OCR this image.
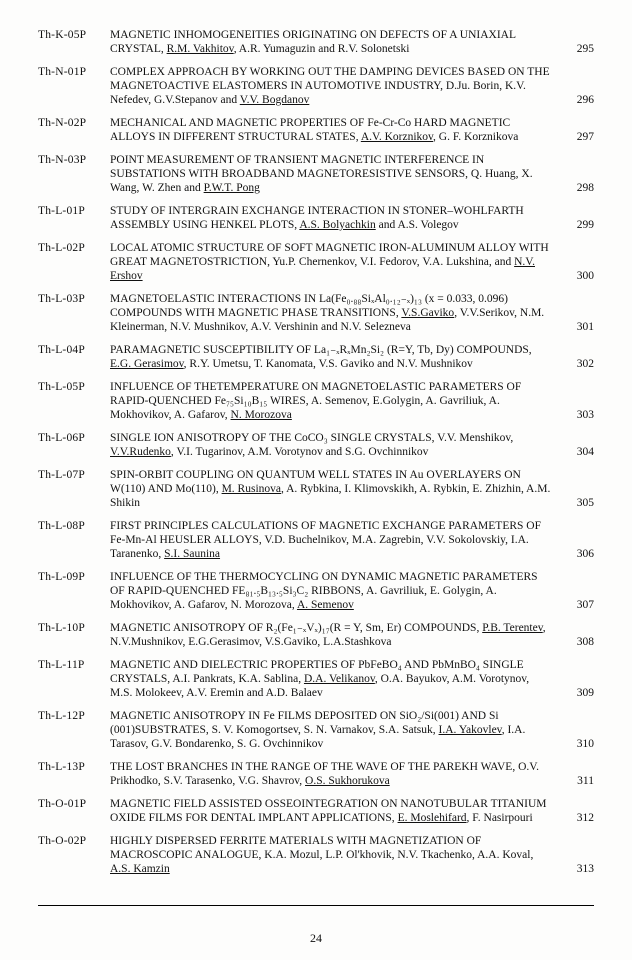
Th-K-05P	MAGNETIC INHOMOGENEITIES ORIGINATING ON DEFECTS OF A UNIAXIAL CRYSTAL, R.M. Vakhitov, A.R. Yumaguzin and R.V. Solonetski	295
Th-N-01P	COMPLEX APPROACH BY WORKING OUT THE DAMPING DEVICES BASED ON THE MAGNETOACTIVE ELASTOMERS IN AUTOMOTIVE INDUSTRY, D.Ju. Borin, K.V. Nefedev, G.V.Stepanov and V.V. Bogdanov	296
Th-N-02P	MECHANICAL AND MAGNETIC PROPERTIES OF Fe-Cr-Co HARD MAGNETIC ALLOYS IN DIFFERENT STRUCTURAL STATES, A.V. Korznikov, G. F. Korznikova	297
Th-N-03P	POINT MEASUREMENT OF TRANSIENT MAGNETIC INTERFERENCE IN SUBSTATIONS WITH BROADBAND MAGNETORESISTIVE SENSORS, Q. Huang, X. Wang, W. Zhen and P.W.T. Pong	298
Th-L-01P	STUDY OF INTERGRAIN EXCHANGE INTERACTION IN STONER–WOHLFARTH ASSEMBLY USING HENKEL PLOTS, A.S. Bolyachkin and A.S. Volegov	299
Th-L-02P	LOCAL ATOMIC STRUCTURE OF SOFT MAGNETIC IRON-ALUMINUM ALLOY WITH GREAT MAGNETOSTRICTION, Yu.P. Chernenkov, V.I. Fedorov, V.A. Lukshina, and N.V. Ershov	300
Th-L-03P	MAGNETOELASTIC INTERACTIONS IN La(Fe₀.₈₈SiₓAl₀.₁₂₋ₓ)₁₃ (x = 0.033, 0.096) COMPOUNDS WITH MAGNETIC PHASE TRANSITIONS, V.S.Gaviko, V.V.Serikov, N.M. Kleinerman, N.V. Mushnikov, A.V. Vershinin and N.V. Selezneva	301
Th-L-04P	PARAMAGNETIC SUSCEPTIBILITY OF La₁₋ₓRₓMn₂Si₂ (R=Y, Tb, Dy) COMPOUNDS, E.G. Gerasimov, R.Y. Umetsu, T. Kanomata, V.S. Gaviko and N.V. Mushnikov	302
Th-L-05P	INFLUENCE OF THETEMPERATURE ON MAGNETOELASTIC PARAMETERS OF RAPID-QUENCHED Fe₇₅Si₁₀B₁₅ WIRES, A. Semenov, E.Golygin, A. Gavriliuk, A. Mokhovikov, A. Gafarov, N. Morozova	303
Th-L-06P	SINGLE ION ANISOTROPY OF THE CoCO₃ SINGLE CRYSTALS, V.V. Menshikov, V.V.Rudenko, V.I. Tugarinov, A.M. Vorotynov and S.G. Ovchinnikov	304
Th-L-07P	SPIN-ORBIT COUPLING ON QUANTUM WELL STATES IN Au OVERLAYERS ON W(110) AND Mo(110), M. Rusinova, A. Rybkina, I. Klimovskikh, A. Rybkin, E. Zhizhin, A.M. Shikin	305
Th-L-08P	FIRST PRINCIPLES CALCULATIONS OF MAGNETIC EXCHANGE PARAMETERS OF Fe-Mn-Al HEUSLER ALLOYS, V.D. Buchelnikov, M.A. Zagrebin, V.V. Sokolovskiy, I.A. Taranenko, S.I. Saunina	306
Th-L-09P	INFLUENCE OF THE THERMOCYCLING ON DYNAMIC MAGNETIC PARAMETERS OF RAPID-QUENCHED FE₈₁.₅B₁₃.₅Si₃C₂ RIBBONS, A. Gavriliuk, E. Golygin, A. Mokhovikov, A. Gafarov, N. Morozova, A. Semenov	307
Th-L-10P	MAGNETIC ANISOTROPY OF R₂(Fe₁₋ₓVₓ)₁₇(R = Y, Sm, Er) COMPOUNDS, P.B. Terentev, N.V.Mushnikov, E.G.Gerasimov, V.S.Gaviko, L.A.Stashkova	308
Th-L-11P	MAGNETIC AND DIELECTRIC PROPERTIES OF PbFeBO₄ AND PbMnBO₄ SINGLE CRYSTALS, A.I. Pankrats, K.A. Sablina, D.A. Velikanov, O.A. Bayukov, A.M. Vorotynov, M.S. Molokeev, A.V. Eremin and A.D. Balaev	309
Th-L-12P	MAGNETIC ANISOTROPY IN Fe FILMS DEPOSITED ON SiO₂/Si(001) AND Si (001)SUBSTRATES, S. V. Komogortsev, S. N. Varnakov, S.A. Satsuk, I.A. Yakovlev, I.A. Tarasov, G.V. Bondarenko, S. G. Ovchinnikov	310
Th-L-13P	THE LOST BRANCHES IN THE RANGE OF THE WAVE OF THE PAREKH WAVE, O.V. Prikhodko, S.V. Tarasenko, V.G. Shavrov, O.S. Sukhorukova	311
Th-O-01P	MAGNETIC FIELD ASSISTED OSSEOINTEGRATION ON NANOTUBULAR TITANIUM OXIDE FILMS FOR DENTAL IMPLANT APPLICATIONS, E. Moslehifard, F. Nasirpouri	312
Th-O-02P	HIGHLY DISPERSED FERRITE MATERIALS WITH MAGNETIZATION OF MACROSCOPIC ANALOGUE, K.A. Mozul, L.P. Ol'khovik, N.V. Tkachenko, A.A. Koval, A.S. Kamzin	313
24
